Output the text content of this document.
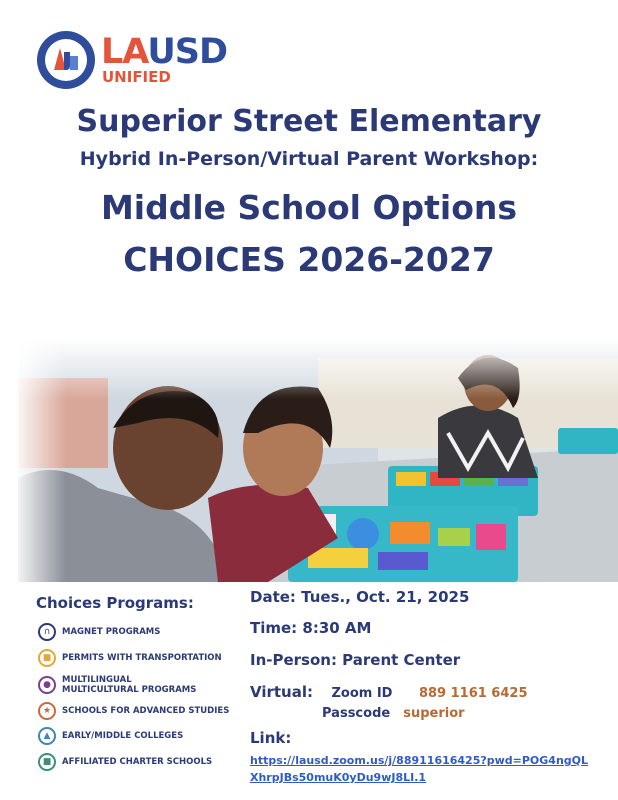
LAUSD
UNIFIED
Superior Street Elementary
Hybrid In-Person/Virtual Parent Workshop:
Middle School Options
CHOICES 2026-2027
Choices Programs:
∩	MAGNET PROGRAMS
■	PERMITS WITH TRANSPORTATION
●	MULTILINGUAL
MULTICULTURAL PROGRAMS
★	SCHOOLS FOR ADVANCED STUDIES
▲	EARLY/MIDDLE COLLEGES
■	AFFILIATED CHARTER SCHOOLS
Date: Tues., Oct. 21, 2025
Time: 8:30 AM
In-Person: Parent Center
Virtual: Zoom ID 889 1161 6425
Passcode superior
Link:
https://lausd.zoom.us/j/88911616425?pwd=POG4ngQLXhrpJBs50muK0yDu9wJ8LI.1
